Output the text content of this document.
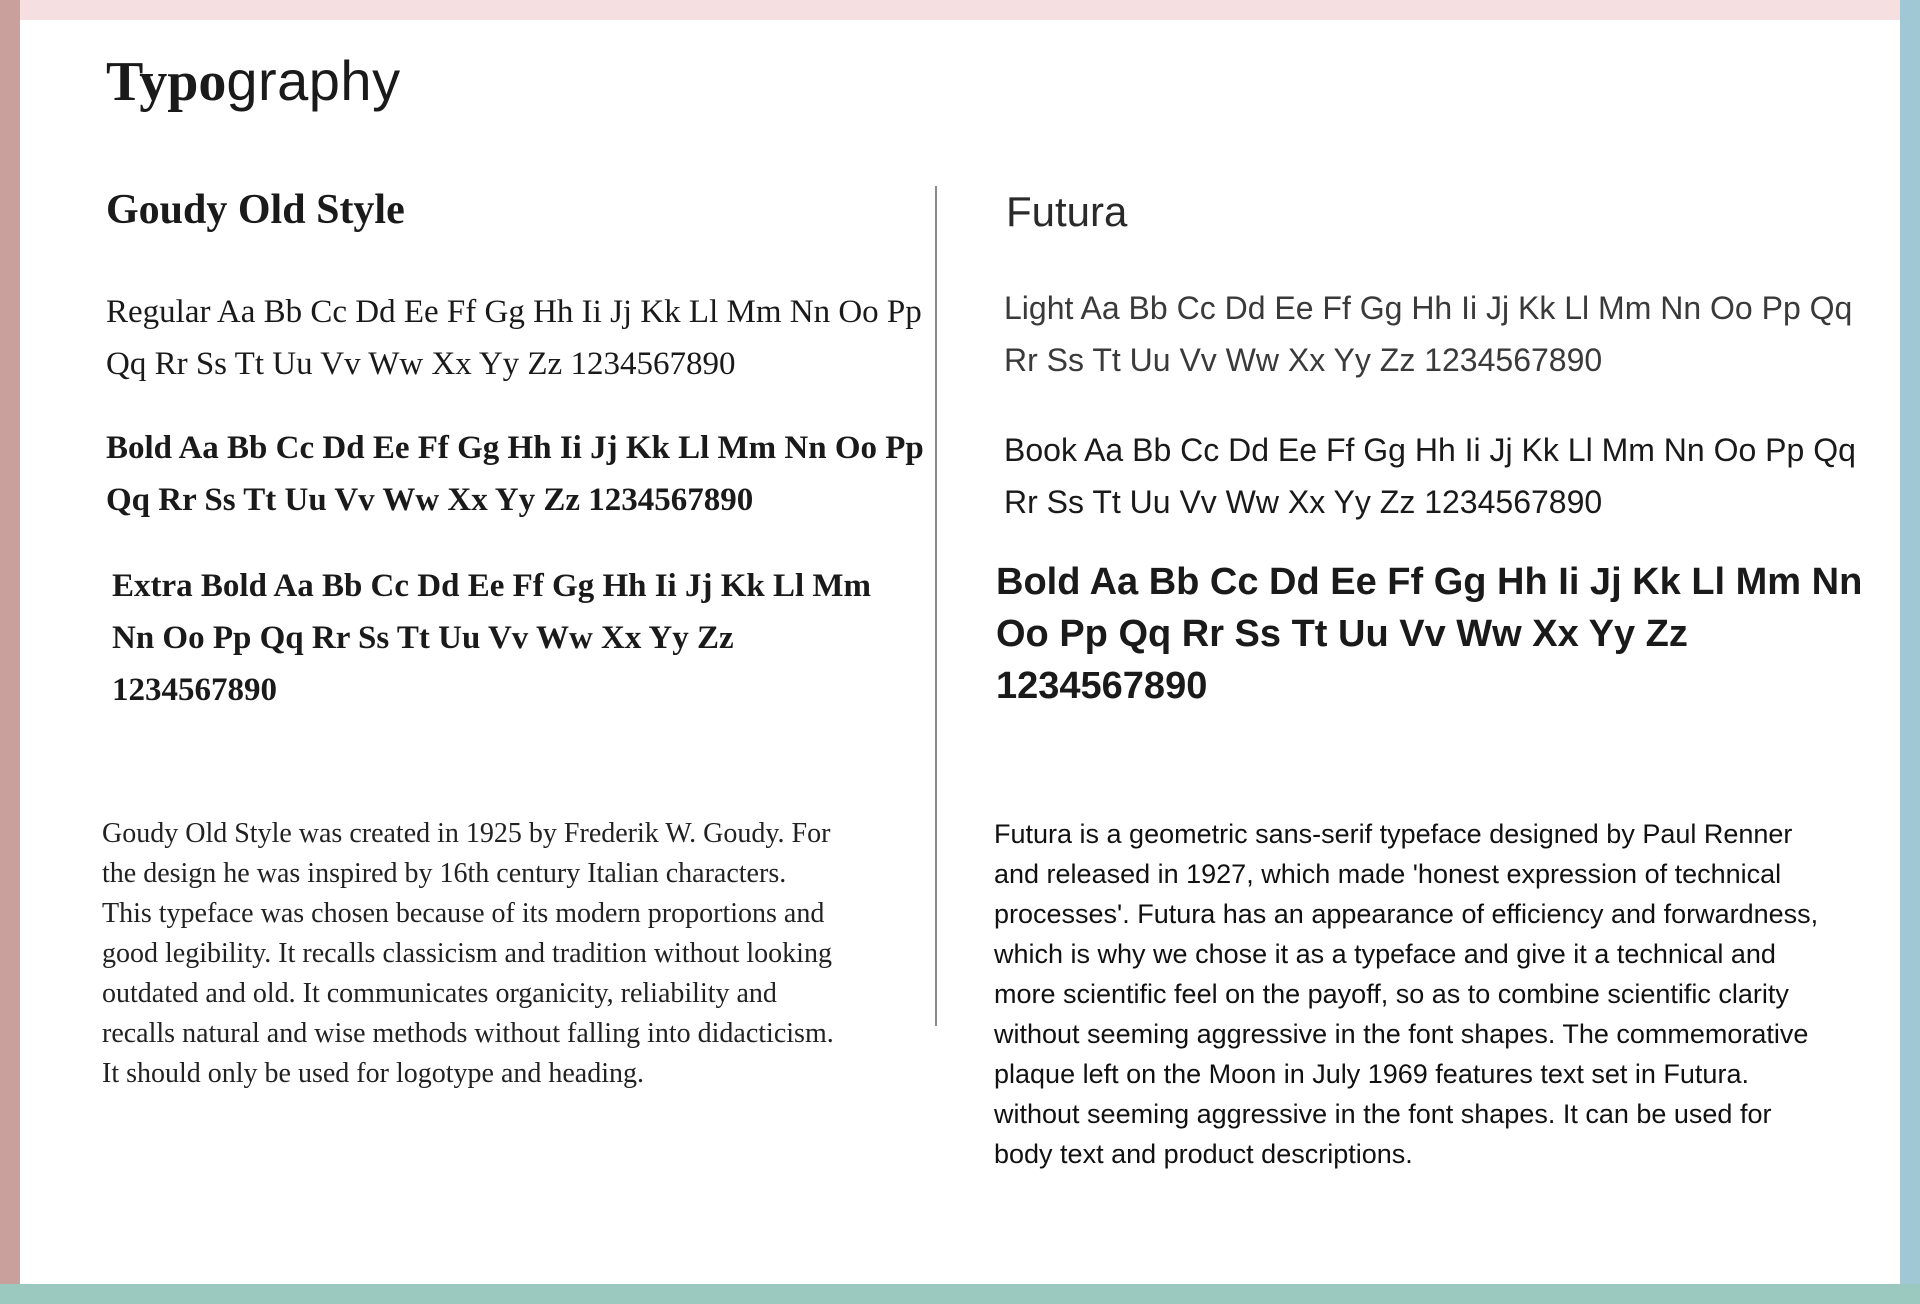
Typography
Goudy Old Style

Regular Aa Bb Cc Dd Ee Ff Gg Hh Ii Jj Kk Ll Mm Nn Oo Pp Qq Rr Ss Tt Uu Vv Ww Xx Yy Zz 1234567890

Bold Aa Bb Cc Dd Ee Ff Gg Hh Ii Jj Kk Ll Mm Nn Oo Pp Qq Rr Ss Tt Uu Vv Ww Xx Yy Zz 1234567890

Extra Bold Aa Bb Cc Dd Ee Ff Gg Hh Ii Jj Kk Ll Mm Nn Oo Pp Qq Rr Ss Tt Uu Vv Ww Xx Yy Zz 1234567890

Goudy Old Style was created in 1925 by Frederik W. Goudy. For the design he was inspired by 16th century Italian characters. This typeface was chosen because of its modern proportions and good legibility. It recalls classicism and tradition without looking outdated and old. It communicates organicity, reliability and recalls natural and wise methods without falling into didacticism. It should only be used for logotype and heading.

Futura

Light Aa Bb Cc Dd Ee Ff Gg Hh Ii Jj Kk Ll Mm Nn Oo Pp Qq Rr Ss Tt Uu Vv Ww Xx Yy Zz 1234567890

Book Aa Bb Cc Dd Ee Ff Gg Hh Ii Jj Kk Ll Mm Nn Oo Pp Qq Rr Ss Tt Uu Vv Ww Xx Yy Zz 1234567890

Bold Aa Bb Cc Dd Ee Ff Gg Hh Ii Jj Kk Ll Mm Nn Oo Pp Qq Rr Ss Tt Uu Vv Ww Xx Yy Zz 1234567890

Futura is a geometric sans-serif typeface designed by Paul Renner and released in 1927, which made 'honest expression of technical processes'. Futura has an appearance of efficiency and forwardness, which is why we chose it as a typeface and give it a technical and more scientific feel on the payoff, so as to combine scientific clarity without seeming aggressive in the font shapes. The commemorative plaque left on the Moon in July 1969 features text set in Futura. without seeming aggressive in the font shapes. It can be used for body text and product descriptions.
